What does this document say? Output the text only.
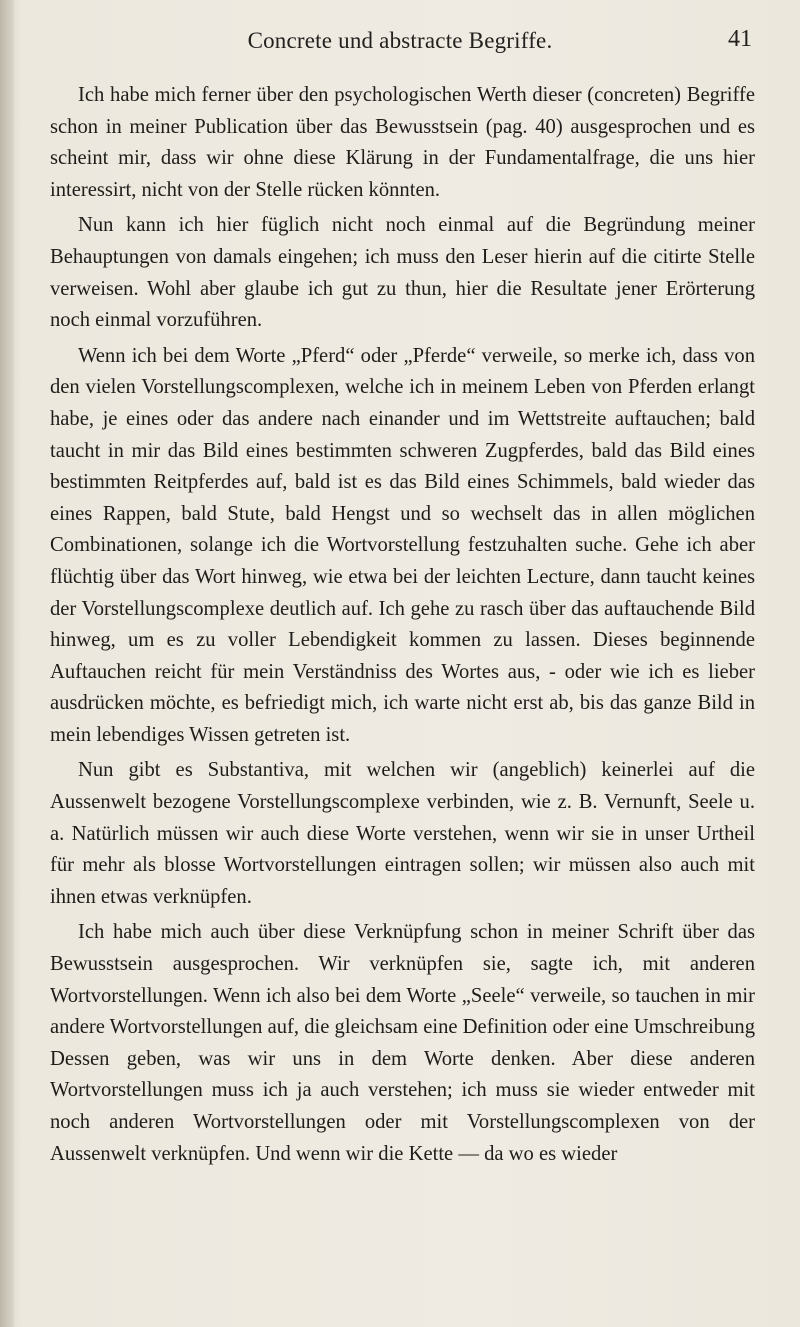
Concrete und abstracte Begriffe.	41

Ich habe mich ferner über den psychologischen Werth dieser (concreten) Begriffe schon in meiner Publication über das Bewusstsein (pag. 40) ausgesprochen und es scheint mir, dass wir ohne diese Klärung in der Fundamentalfrage, die uns hier interessirt, nicht von der Stelle rücken könnten.

Nun kann ich hier füglich nicht noch einmal auf die Begründung meiner Behauptungen von damals eingehen; ich muss den Leser hierin auf die citirte Stelle verweisen. Wohl aber glaube ich gut zu thun, hier die Resultate jener Erörterung noch einmal vorzuführen.

Wenn ich bei dem Worte „Pferd“ oder „Pferde“ verweile, so merke ich, dass von den vielen Vorstellungscomplexen, welche ich in meinem Leben von Pferden erlangt habe, je eines oder das andere nach einander und im Wettstreite auftauchen; bald taucht in mir das Bild eines bestimmten schweren Zugpferdes, bald das Bild eines bestimmten Reitpferdes auf, bald ist es das Bild eines Schimmels, bald wieder das eines Rappen, bald Stute, bald Hengst und so wechselt das in allen möglichen Combinationen, solange ich die Wortvorstellung festzuhalten suche. Gehe ich aber flüchtig über das Wort hinweg, wie etwa bei der leichten Lecture, dann taucht keines der Vorstellungscomplexe deutlich auf. Ich gehe zu rasch über das auftauchende Bild hinweg, um es zu voller Lebendigkeit kommen zu lassen. Dieses beginnende Auftauchen reicht für mein Verständniss des Wortes aus, - oder wie ich es lieber ausdrücken möchte, es befriedigt mich, ich warte nicht erst ab, bis das ganze Bild in mein lebendiges Wissen getreten ist.

Nun gibt es Substantiva, mit welchen wir (angeblich) keinerlei auf die Aussenwelt bezogene Vorstellungscomplexe verbinden, wie z. B. Vernunft, Seele u. a. Natürlich müssen wir auch diese Worte verstehen, wenn wir sie in unser Urtheil für mehr als blosse Wortvorstellungen eintragen sollen; wir müssen also auch mit ihnen etwas verknüpfen.

Ich habe mich auch über diese Verknüpfung schon in meiner Schrift über das Bewusstsein ausgesprochen. Wir verknüpfen sie, sagte ich, mit anderen Wortvorstellungen. Wenn ich also bei dem Worte „Seele“ verweile, so tauchen in mir andere Wortvorstellungen auf, die gleichsam eine Definition oder eine Umschreibung Dessen geben, was wir uns in dem Worte denken. Aber diese anderen Wortvorstellungen muss ich ja auch verstehen; ich muss sie wieder entweder mit noch anderen Wortvorstellungen oder mit Vorstellungscomplexen von der Aussenwelt verknüpfen. Und wenn wir die Kette — da wo es wieder
